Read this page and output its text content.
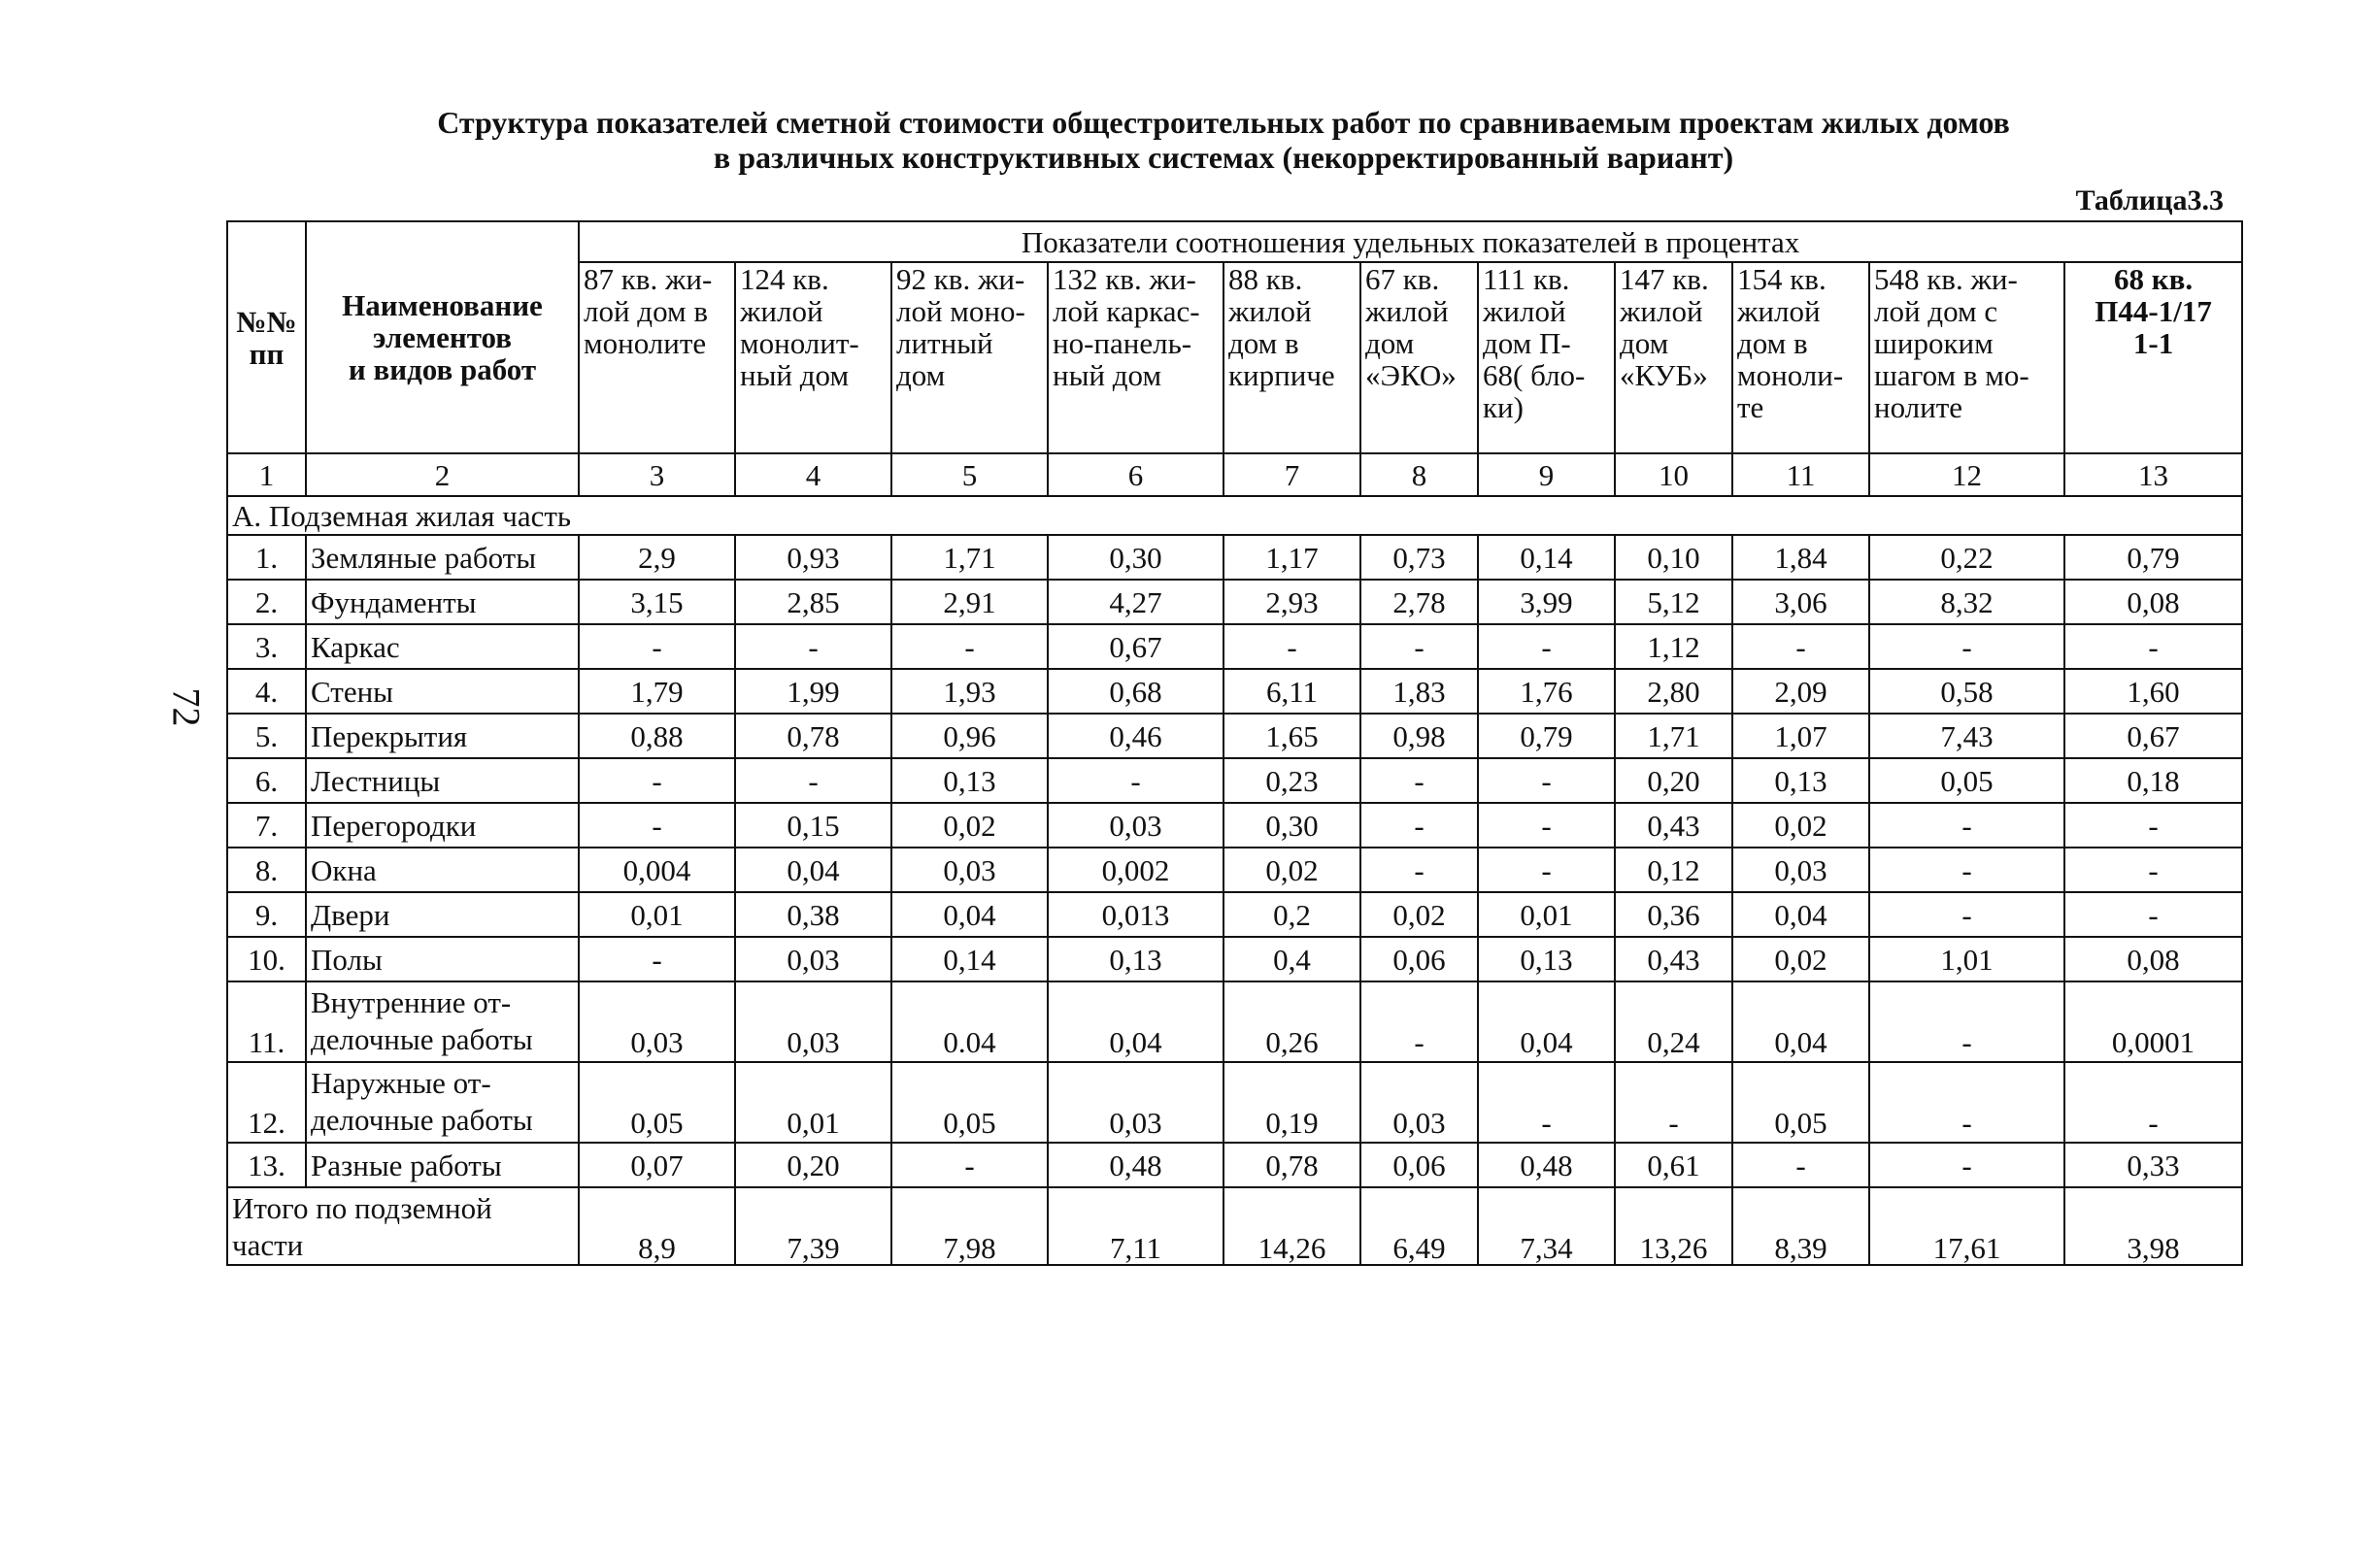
Структура показателей сметной стоимости общестроительных работ по сравниваемым проектам жилых домов
в различных конструктивных системах (некорректированный вариант)
Таблица3.3
72
№№
пп	Наименование
элементов
и видов работ	Показатели соотношения удельных показателей в процентах										
		87 кв. жи-
лой дом в
монолите	124 кв.
жилой
монолит-
ный дом	92 кв. жи-
лой моно-
литный
дом	132 кв. жи-
лой каркас-
но-панель-
ный дом	88 кв.
жилой
дом в
кирпиче	67 кв.
жилой
дом
«ЭКО»	111 кв.
жилой
дом П-
68( бло-
ки)	147 кв.
жилой
дом
«КУБ»	154 кв.
жилой
дом в
моноли-
те	548 кв. жи-
лой дом с
широким
шагом в мо-
нолите	68 кв.
П44-1/17
1-1
1	2	3	4	5	6	7	8	9	10	11	12	13
А. Подземная жилая часть												
1.	Земляные работы	2,9	0,93	1,71	0,30	1,17	0,73	0,14	0,10	1,84	0,22	0,79
2.	Фундаменты	3,15	2,85	2,91	4,27	2,93	2,78	3,99	5,12	3,06	8,32	0,08
3.	Каркас	-	-	-	0,67	-	-	-	1,12	-	-	-
4.	Стены	1,79	1,99	1,93	0,68	6,11	1,83	1,76	2,80	2,09	0,58	1,60
5.	Перекрытия	0,88	0,78	0,96	0,46	1,65	0,98	0,79	1,71	1,07	7,43	0,67
6.	Лестницы	-	-	0,13	-	0,23	-	-	0,20	0,13	0,05	0,18
7.	Перегородки	-	0,15	0,02	0,03	0,30	-	-	0,43	0,02	-	-
8.	Окна	0,004	0,04	0,03	0,002	0,02	-	-	0,12	0,03	-	-
9.	Двери	0,01	0,38	0,04	0,013	0,2	0,02	0,01	0,36	0,04	-	-
10.	Полы	-	0,03	0,14	0,13	0,4	0,06	0,13	0,43	0,02	1,01	0,08
11.	Внутренние от-
делочные работы	0,03	0,03	0.04	0,04	0,26	-	0,04	0,24	0,04	-	0,0001
12.	Наружные от-
делочные работы	0,05	0,01	0,05	0,03	0,19	0,03	-	-	0,05	-	-
13.	Разные работы	0,07	0,20	-	0,48	0,78	0,06	0,48	0,61	-	-	0,33
Итого по подземной
части		8,9	7,39	7,98	7,11	14,26	6,49	7,34	13,26	8,39	17,61	3,98
